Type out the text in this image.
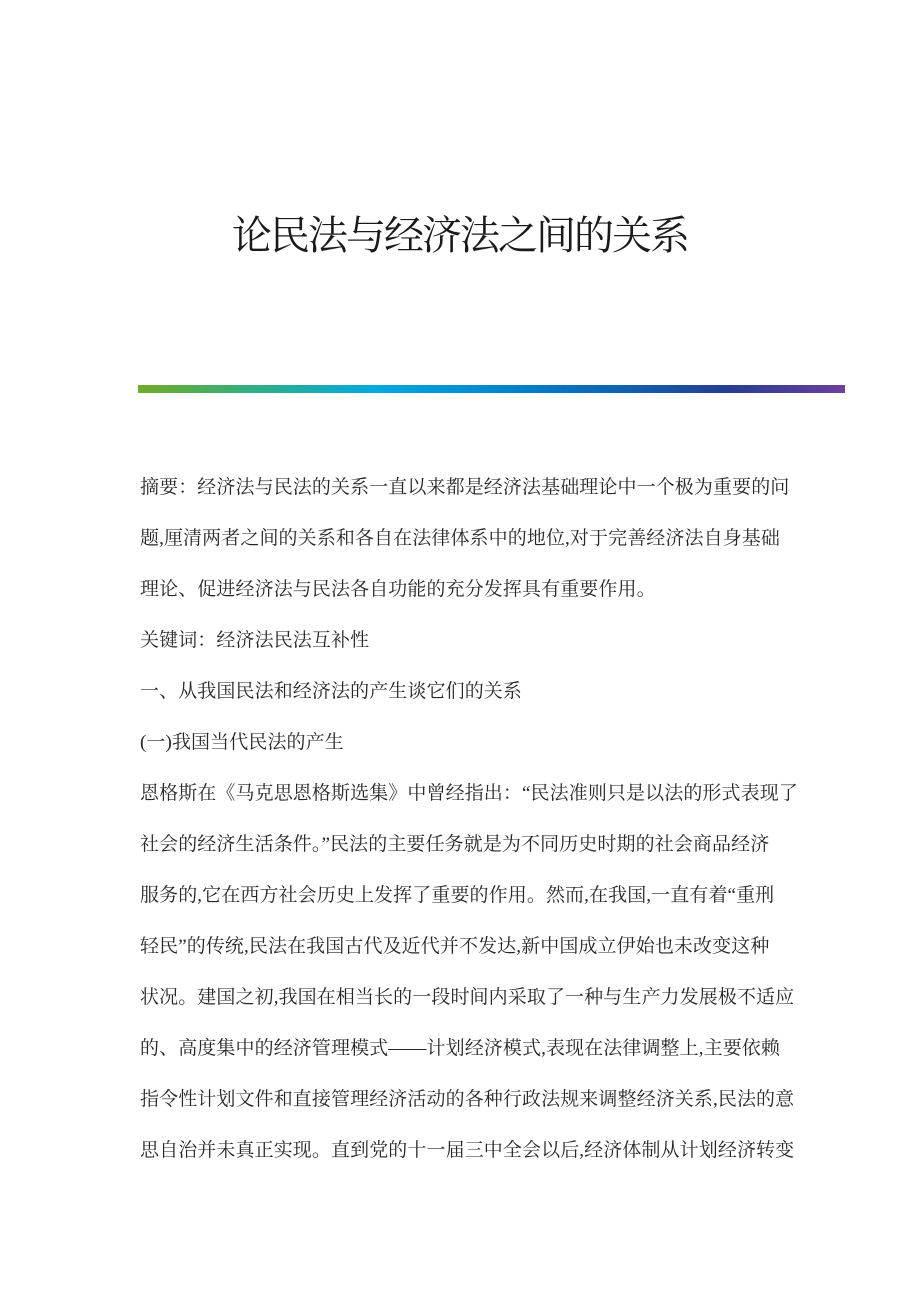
论民法与经济法之间的关系
摘要：经济法与民法的关系一直以来都是经济法基础理论中一个极为重要的问
题,厘清两者之间的关系和各自在法律体系中的地位,对于完善经济法自身基础
理论、促进经济法与民法各自功能的充分发挥具有重要作用。
关键词：经济法民法互补性
一、从我国民法和经济法的产生谈它们的关系
(一)我国当代民法的产生
恩格斯在《马克思恩格斯选集》中曾经指出：“民法准则只是以法的形式表现了
社会的经济生活条件。”民法的主要任务就是为不同历史时期的社会商品经济
服务的,它在西方社会历史上发挥了重要的作用。然而,在我国,一直有着“重刑
轻民”的传统,民法在我国古代及近代并不发达,新中国成立伊始也未改变这种
状况。建国之初,我国在相当长的一段时间内采取了一种与生产力发展极不适应
的、高度集中的经济管理模式——计划经济模式,表现在法律调整上,主要依赖
指令性计划文件和直接管理经济活动的各种行政法规来调整经济关系,民法的意
思自治并未真正实现。直到党的十一届三中全会以后,经济体制从计划经济转变
